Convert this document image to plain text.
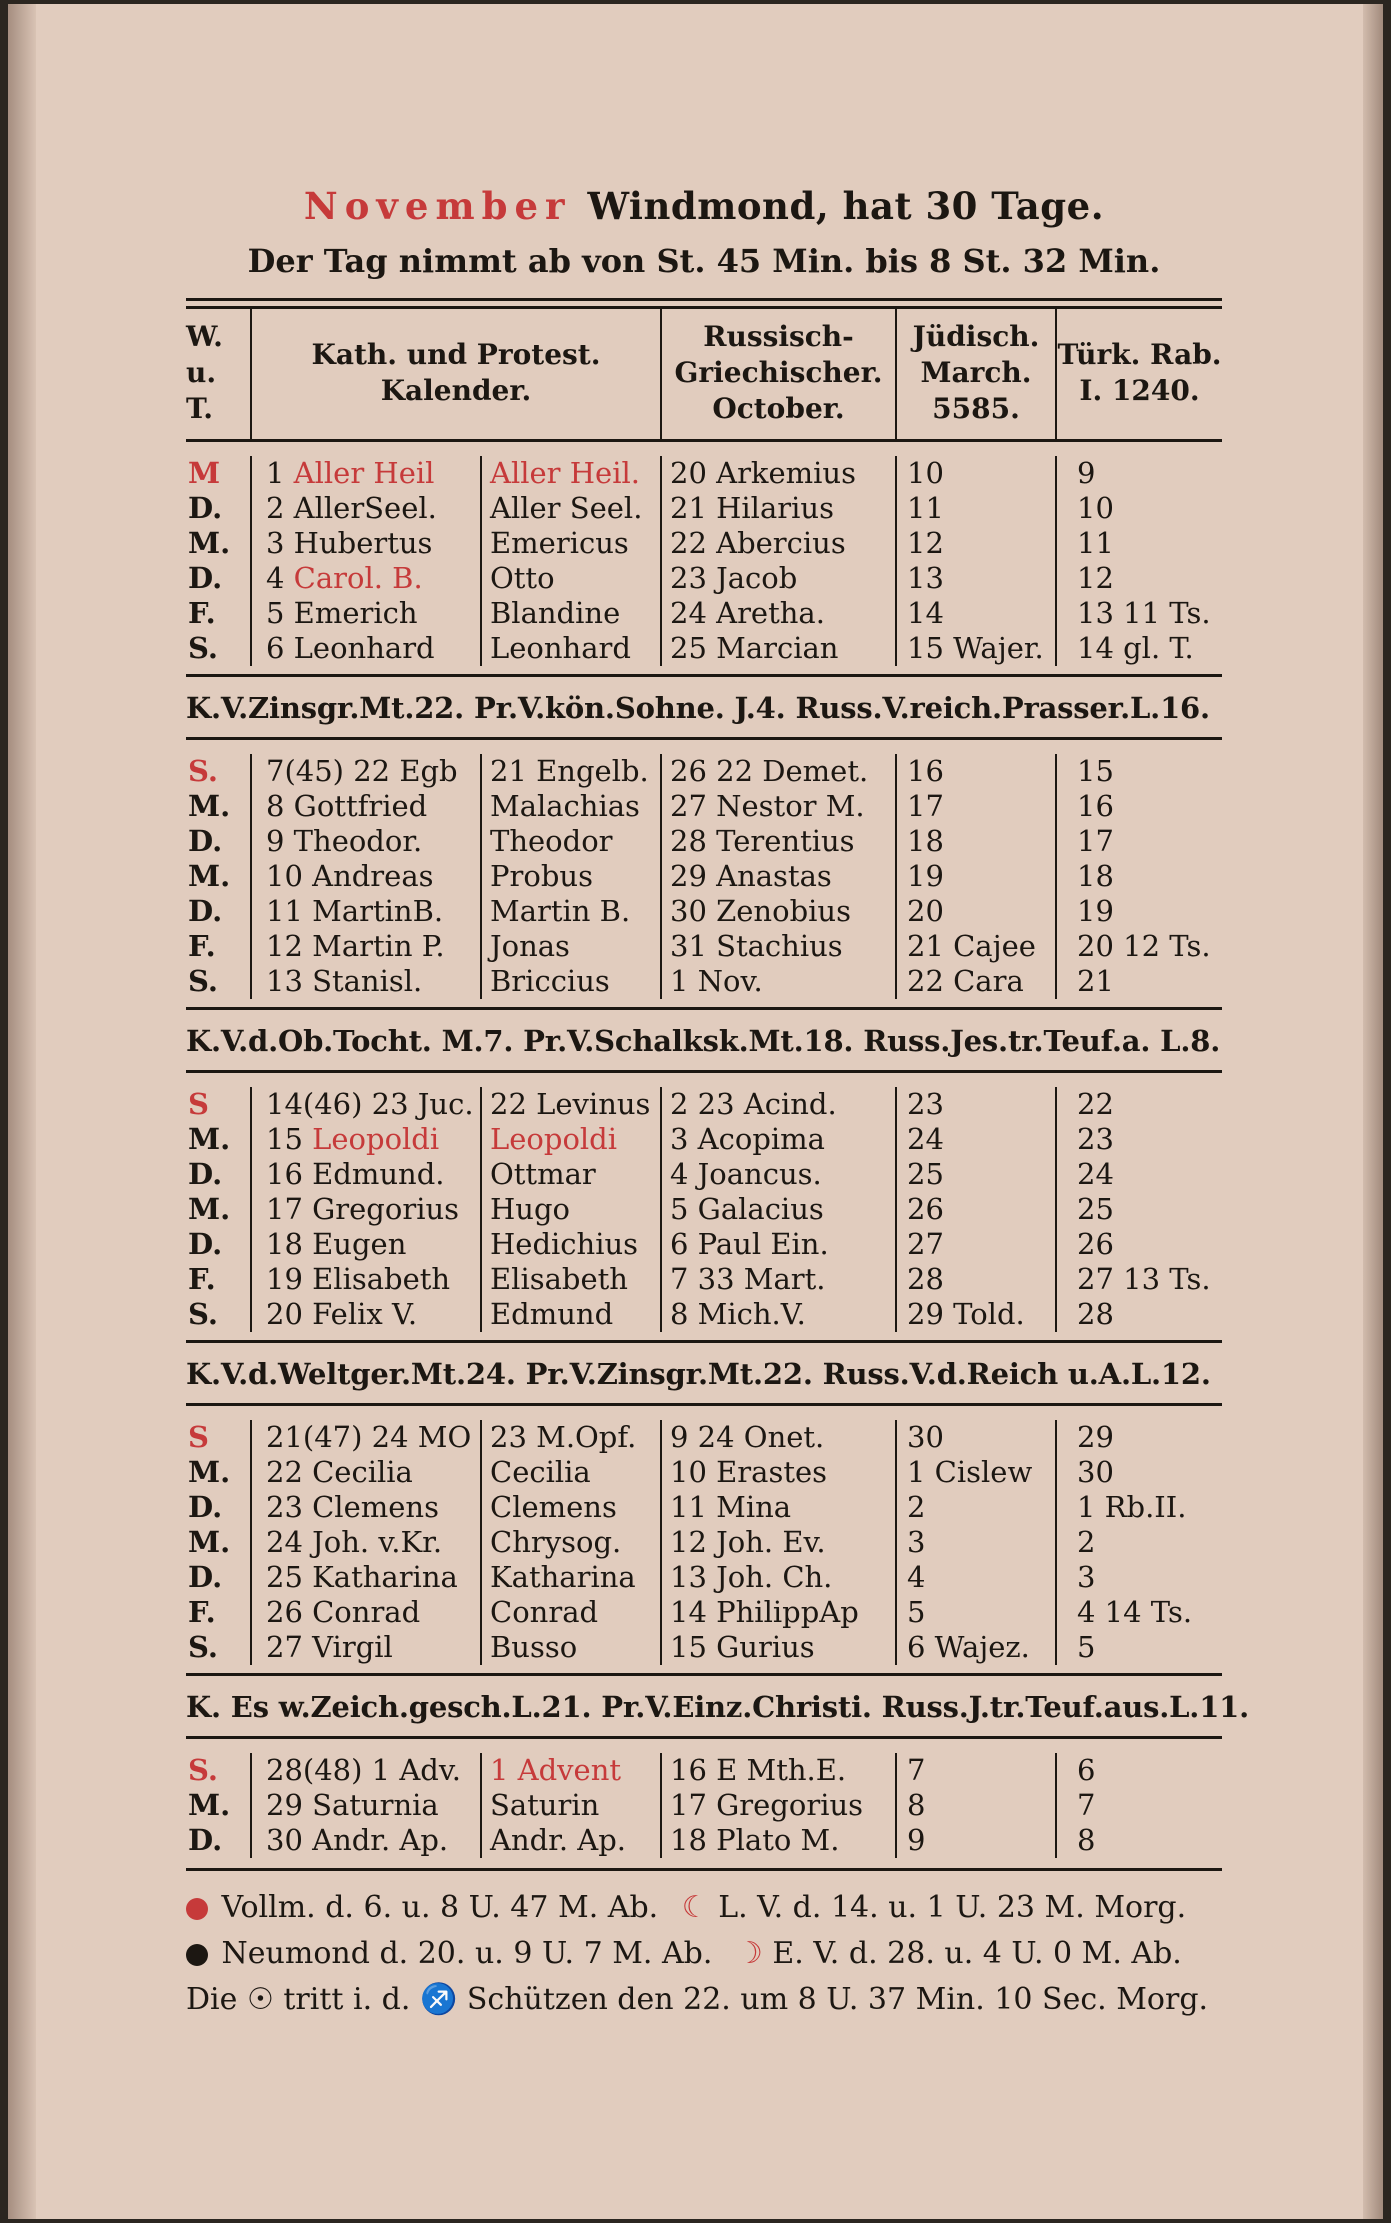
November Windmond, hat 30 Tage.
Der Tag nimmt ab von St. 45 Min. bis 8 St. 32 Min.
W. u. T.	Kath. und Protest. Kalender.	Russisch- Griechischer. October.	Jüdisch. March. 5585.	Türk. Rab. I. 1240.
M	1 Aller Heil	Aller Heil.	20 Arkemius	10	9
D.	2 AllerSeel.	Aller Seel.	21 Hilarius	11	10
M.	3 Hubertus	Emericus	22 Abercius	12	11
D.	4 Carol. B.	Otto	23 Jacob	13	12
F.	5 Emerich	Blandine	24 Aretha.	14	13 11 Ts.
S.	6 Leonhard	Leonhard	25 Marcian	15 Wajer.	14 gl. T.
K.V.Zinsgr.Mt.22. Pr.V.kön.Sohne. J.4. Russ.V.reich.Prasser.L.16.
S.	7(45) 22 Egb	21 Engelb.	26 22 Demet.	16	15
M.	8 Gottfried	Malachias	27 Nestor M.	17	16
D.	9 Theodor.	Theodor	28 Terentius	18	17
M.	10 Andreas	Probus	29 Anastas	19	18
D.	11 MartinB.	Martin B.	30 Zenobius	20	19
F.	12 Martin P.	Jonas	31 Stachius	21 Cajee	20 12 Ts.
S.	13 Stanisl.	Briccius	1 Nov.	22 Cara	21
K.V.d.Ob.Tocht. M.7. Pr.V.Schalksk.Mt.18. Russ.Jes.tr.Teuf.a. L.8.
S	14(46) 23 Juc.	22 Levinus	2 23 Acind.	23	22
M.	15 Leopoldi	Leopoldi	3 Acopima	24	23
D.	16 Edmund.	Ottmar	4 Joancus.	25	24
M.	17 Gregorius	Hugo	5 Galacius	26	25
D.	18 Eugen	Hedichius	6 Paul Ein.	27	26
F.	19 Elisabeth	Elisabeth	7 33 Mart.	28	27 13 Ts.
S.	20 Felix V.	Edmund	8 Mich.V.	29 Told.	28
K.V.d.Weltger.Mt.24. Pr.V.Zinsgr.Mt.22. Russ.V.d.Reich u.A.L.12.
S	21(47) 24 MO	23 M.Opf.	9 24 Onet.	30	29
M.	22 Cecilia	Cecilia	10 Erastes	1 Cislew	30
D.	23 Clemens	Clemens	11 Mina	2	1 Rb.II.
M.	24 Joh. v.Kr.	Chrysog.	12 Joh. Ev.	3	2
D.	25 Katharina	Katharina	13 Joh. Ch.	4	3
F.	26 Conrad	Conrad	14 PhilippAp	5	4 14 Ts.
S.	27 Virgil	Busso	15 Gurius	6 Wajez.	5
K. Es w.Zeich.gesch.L.21. Pr.V.Einz.Christi. Russ.J.tr.Teuf.aus.L.11.
S.	28(48) 1 Adv.	1 Advent	16 E Mth.E.	7	6
M.	29 Saturnia	Saturin	17 Gregorius	8	7
D.	30 Andr. Ap.	Andr. Ap.	18 Plato M.	9	8
Vollm. d. 6. u. 8 U. 47 M. Ab. ☾ L. V. d. 14. u. 1 U. 23 M. Morg.
Neumond d. 20. u. 9 U. 7 M. Ab. ☽ E. V. d. 28. u. 4 U. 0 M. Ab.
Die ☉ tritt i. d. ♐ Schützen den 22. um 8 U. 37 Min. 10 Sec. Morg.
